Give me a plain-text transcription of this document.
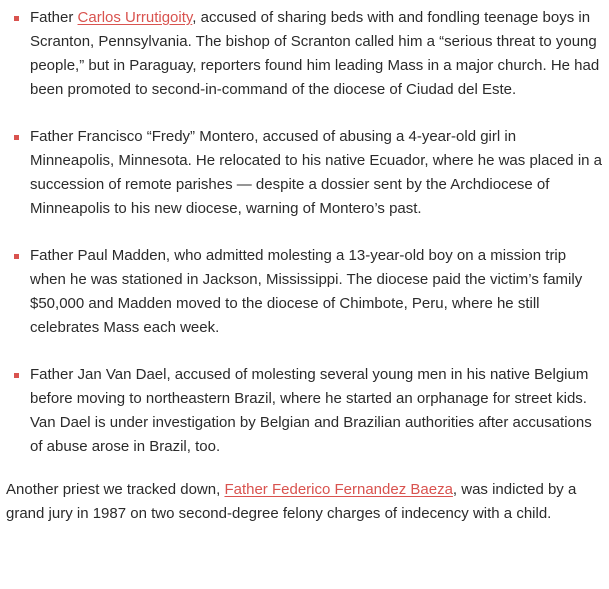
Father Carlos Urrutigoity, accused of sharing beds with and fondling teenage boys in Scranton, Pennsylvania. The bishop of Scranton called him a “serious threat to young people,” but in Paraguay, reporters found him leading Mass in a major church. He had been promoted to second-in-command of the diocese of Ciudad del Este.
Father Francisco “Fredy” Montero, accused of abusing a 4-year-old girl in Minneapolis, Minnesota. He relocated to his native Ecuador, where he was placed in a succession of remote parishes — despite a dossier sent by the Archdiocese of Minneapolis to his new diocese, warning of Montero’s past.
Father Paul Madden, who admitted molesting a 13-year-old boy on a mission trip when he was stationed in Jackson, Mississippi. The diocese paid the victim’s family $50,000 and Madden moved to the diocese of Chimbote, Peru, where he still celebrates Mass each week.
Father Jan Van Dael, accused of molesting several young men in his native Belgium before moving to northeastern Brazil, where he started an orphanage for street kids. Van Dael is under investigation by Belgian and Brazilian authorities after accusations of abuse arose in Brazil, too.

Another priest we tracked down, Father Federico Fernandez Baeza, was indicted by a grand jury in 1987 on two second-degree felony charges of indecency with a child.
